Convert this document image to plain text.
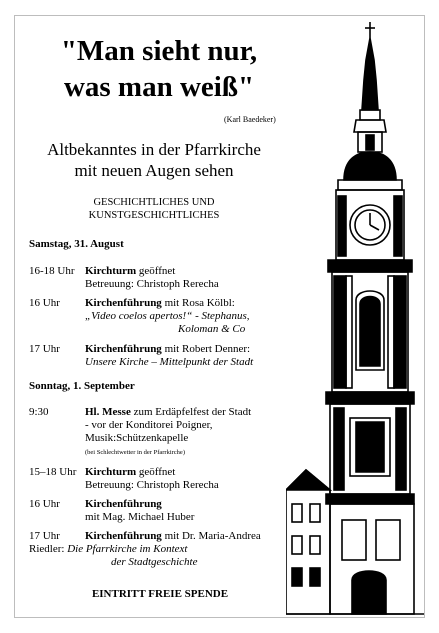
"Man sieht nur,
was man weiß"
(Karl Baedeker)
Altbekanntes in der Pfarrkirche
mit neuen Augen sehen
GESCHICHTLICHES UND
KUNSTGESCHICHTLICHES
Samstag, 31. August
16-18 Uhr Kirchturm geöffnet
Betreuung: Christoph Rerecha
16 Uhr Kirchenführung mit Rosa Kölbl:
„Video coelos apertos!“ - Stephanus,
Koloman & Co
17 Uhr Kirchenführung mit Robert Denner:
Unsere Kirche – Mittelpunkt der Stadt
Sonntag, 1. September
9:30	Hl. Messe zum Erdäpfelfest der Stadt
- vor der Konditorei Poigner,
Musik:Schützenkapelle
(bei Schlechtwetter in der Pfarrkirche)
15–18 Uhr Kirchturm geöffnet
Betreuung: Christoph Rerecha
16 Uhr Kirchenführung
mit Mag. Michael Huber
17 Uhr Kirchenführung mit Dr. Maria-Andrea
Riedler: Die Pfarrkirche im Kontext
der Stadtgeschichte
EINTRITT FREIE SPENDE
